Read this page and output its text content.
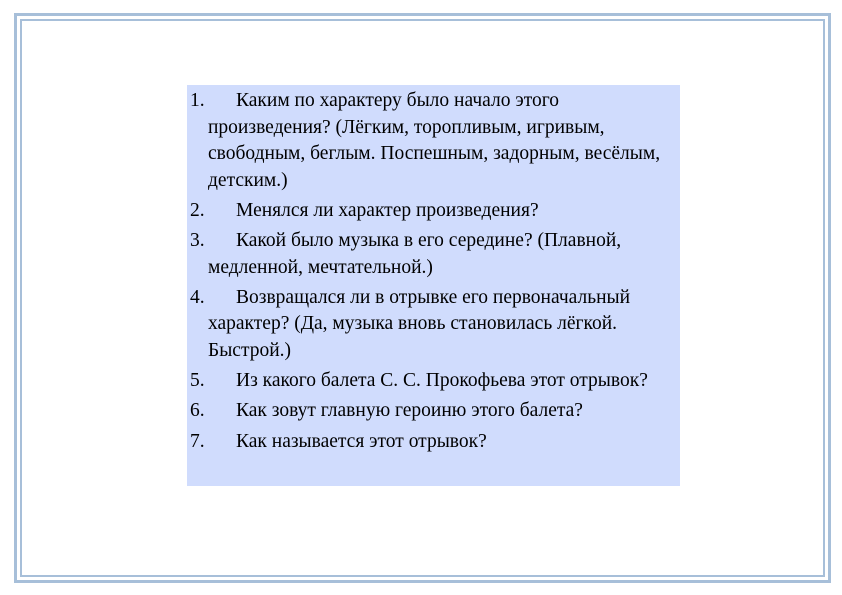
1. Каким по характеру было начало этого произведения? (Лёгким, торопливым, игривым, свободным, беглым. Поспешным, задорным, весёлым, детским.)
2. Менялся ли характер произведения?
3. Какой было музыка в его середине? (Плавной, медленной, мечтательной.)
4. Возвращался ли в отрывке его первоначальный характер? (Да, музыка вновь становилась лёгкой. Быстрой.)
5. Из какого балета С. С. Прокофьева этот отрывок?
6. Как зовут главную героиню этого балета?
7. Как называется этот отрывок?
